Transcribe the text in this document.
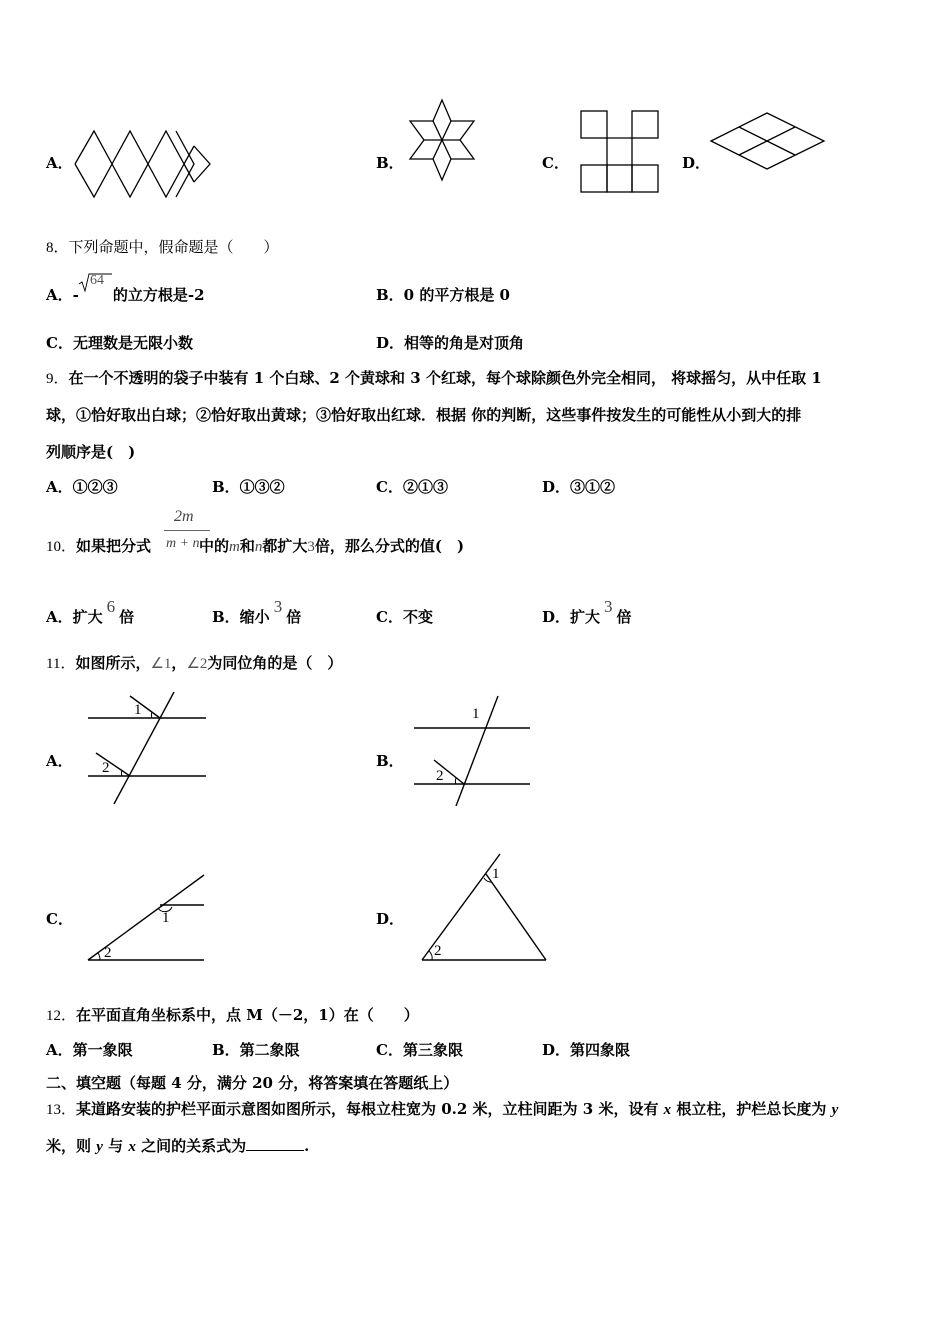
A．	B．	C．	D．
8．下列命题中，假命题是（　　）
A．- 的立方根是-2
64
B．0 的平方根是 0
C．无理数是无限小数	D．相等的角是对顶角
9．在一个不透明的袋子中装有 1 个白球、2 个黄球和 3 个红球，每个球除颜色外完全相同， 将球摇匀，从中任取 1
球，①恰好取出白球；②恰好取出黄球；③恰好取出红球．根据 你的判断，这些事件按发生的可能性从小到大的排
列顺序是(　)
A．①②③	B．①③②	C．②①③	D．③①②
10．如果把分式	中的m和n都扩大3倍，那么分式的值(　)
2m
m + n
A．扩大6倍	B．缩小3倍	C．不变	D．扩大3倍
11．如图所示，∠1，∠2为同位角的是（　）
A．
1
2	B．
1
2
C．	1
2
D．
1
2
12．在平面直角坐标系中，点 M（－2，1）在（　　）
A．第一象限	B．第二象限	C．第三象限	D．第四象限
二、填空题（每题 4 分，满分 20 分，将答案填在答题纸上）
13．某道路安装的护栏平面示意图如图所示，每根立柱宽为 0.2 米，立柱间距为 3 米，设有 x 根立柱，护栏总长度为 y
米，则 y 与 x 之间的关系式为	.
